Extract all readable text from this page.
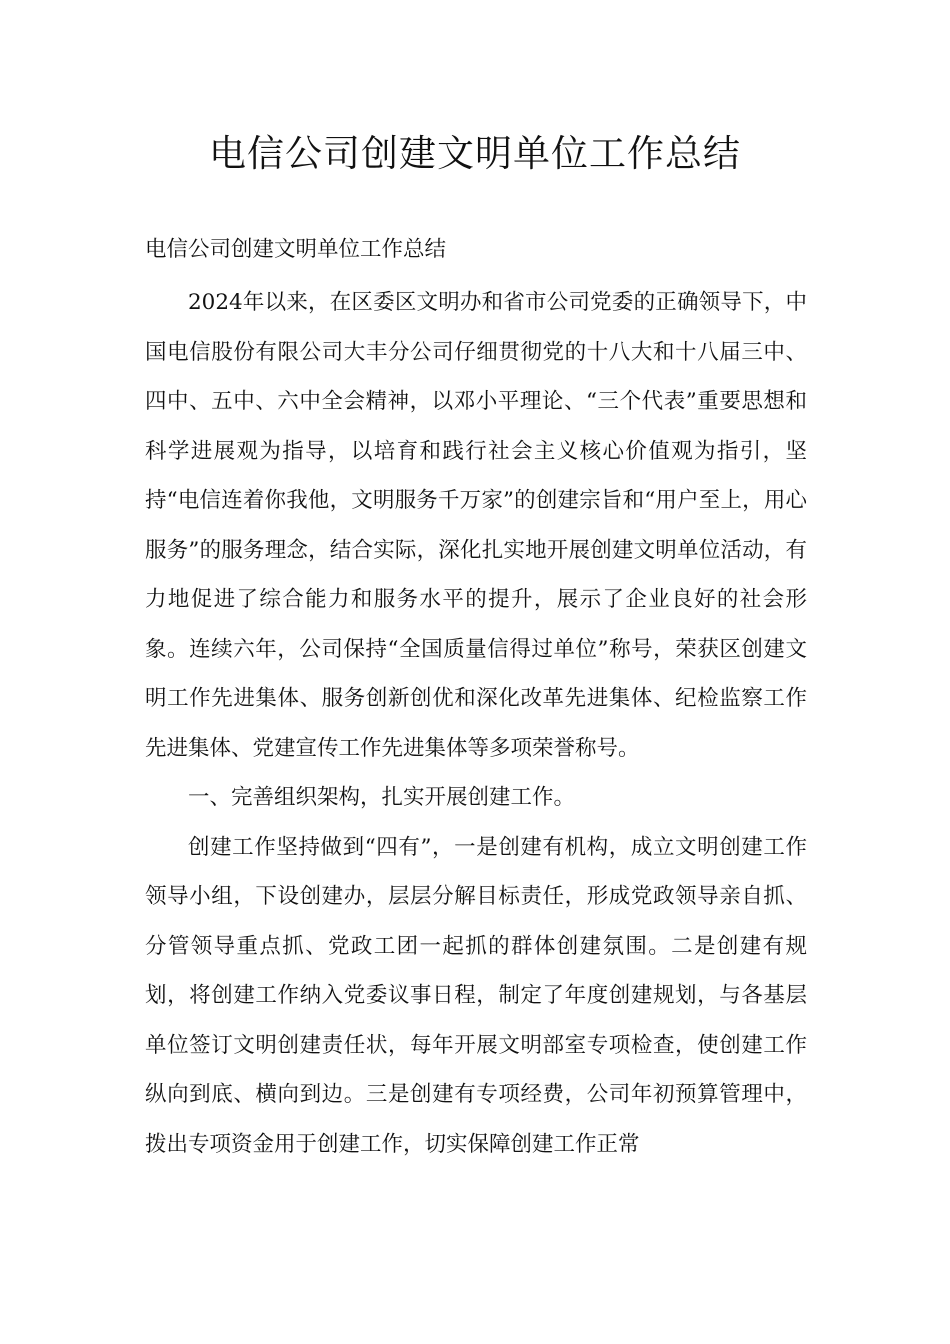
电信公司创建文明单位工作总结

电信公司创建文明单位工作总结

2024年以来，在区委区文明办和省市公司党委的正确领导下，中国电信股份有限公司大丰分公司仔细贯彻党的十八大和十八届三中、四中、五中、六中全会精神，以邓小平理论、“三个代表”重要思想和科学进展观为指导，以培育和践行社会主义核心价值观为指引，坚持“电信连着你我他，文明服务千万家”的创建宗旨和“用户至上，用心服务”的服务理念，结合实际，深化扎实地开展创建文明单位活动，有力地促进了综合能力和服务水平的提升，展示了企业良好的社会形象。连续六年，公司保持“全国质量信得过单位”称号，荣获区创建文明工作先进集体、服务创新创优和深化改革先进集体、纪检监察工作先进集体、党建宣传工作先进集体等多项荣誉称号。

一、完善组织架构，扎实开展创建工作。

创建工作坚持做到“四有”，一是创建有机构，成立文明创建工作领导小组，下设创建办，层层分解目标责任，形成党政领导亲自抓、分管领导重点抓、党政工团一起抓的群体创建氛围。二是创建有规划，将创建工作纳入党委议事日程，制定了年度创建规划，与各基层单位签订文明创建责任状，每年开展文明部室专项检查，使创建工作纵向到底、横向到边。三是创建有专项经费，公司年初预算管理中，拨出专项资金用于创建工作，切实保障创建工作正常
